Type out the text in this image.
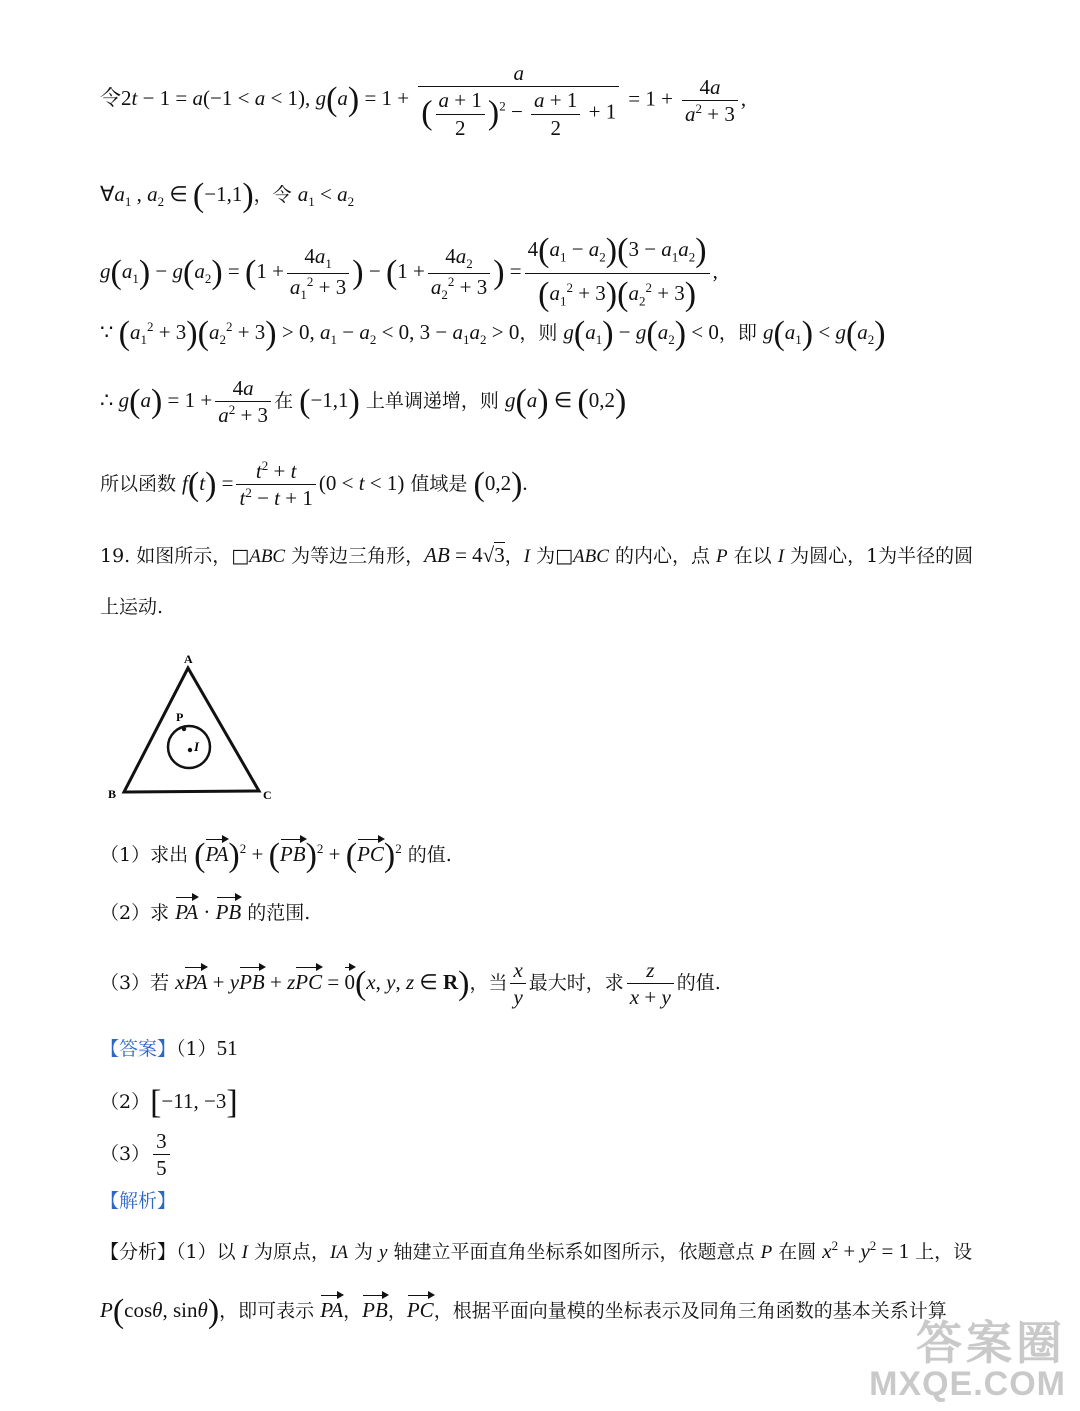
令2t − 1 = a(−1 < a < 1), $g(a) = 1 + \frac{a}{( \frac{a + 1}{2} )^2 - \frac{a + 1}{2} + 1} = 1 + \frac{4a}{a^2 + 3}$ ,
$\forall a_1$ , $a_2$ ∈ (−1,1)，令 $a_1 < a_2$
$g(a_1) - g(a_2) = (1 + \frac{4a_1}{a_1^2 + 3}$ ) − ($1 + \frac{4a_2}{a_2^2 + 3}$ ) = $\frac{4(a_1 - a_2)(3 - a_1a_2)}{(a_1^2 + 3)(a_2^2 + 3)}$ ,
∵ $(a_1^2 + 3)(a_2^2 + 3) > 0$, $a_1 - a_2 < 0$, $3 - a_1a_2 > 0$，则 $g(a_1) - g(a_2) < 0$，即 $g(a_1) < g(a_2)$
∴ $g(a) = 1 + \frac{4a}{a^2 + 3}$ 在 (−1,1) 上单调递增，则 g(a) ∈ (0,2)
所以函数 $f(t) = \frac{t^2 + t}{t^2 - t + 1} (0 < t < 1)$ 值域是 (0,2).
19. 如图所示，□ABC 为等边三角形，AB = 4√3，I 为□ABC 的内心，点 P 在以 I 为圆心，1为半径的圆
上运动.
A
B	C
P
I
（1）求出 (PA)$^2$ + (PB)$^2$ + (PC)$^2$ 的值.
（2）求 PA · PB 的范围.
（3）若 xPA + yPB + zPC = 0(x, y, z ∈ R)，当 $\frac{x}{y}$ 最大时，求 $\frac{z}{x + y}$ 的值.
【答案】（1）51
（2）[−11, −3]
$(3) \frac{3}{5}$
【解析】
【分析】（1）以 I 为原点，IA 为 y 轴建立平面直角坐标系如图所示，依题意点 P 在圆 $x^2 + y^2 = 1$ 上，设
P(cosθ, sinθ)，即可表示 PA，PB，PC，根据平面向量模的坐标表示及同角三角函数的基本关系计算
答案圈
MXQE.COM
